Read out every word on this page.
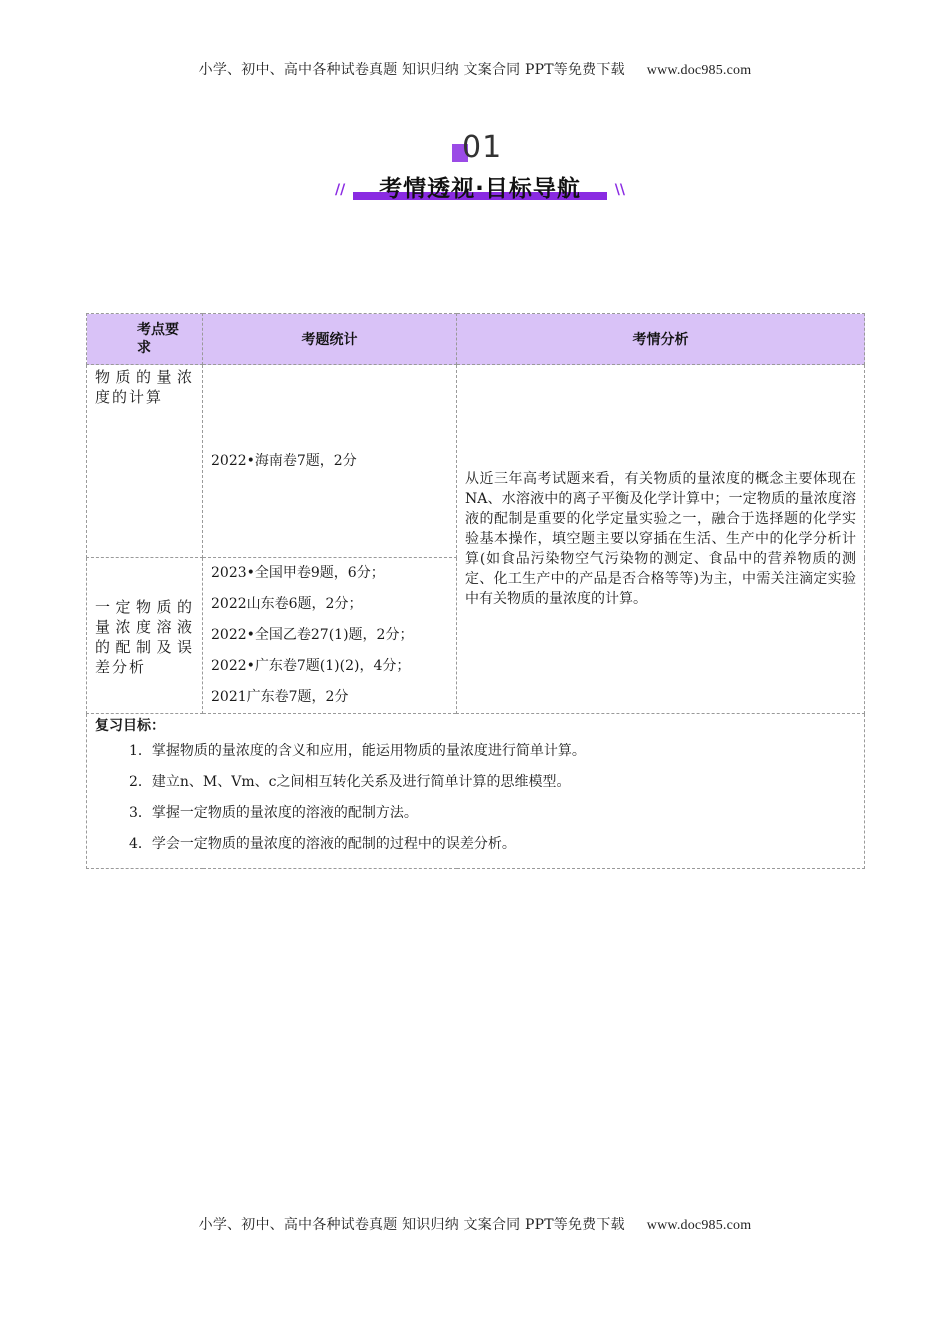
小学、初中、高中各种试卷真题 知识归纳 文案合同 PPT等免费下载 www.doc985.com
01
//	考情透视·目标导航	\\
考点要求	考题统计	考情分析
物质的量浓度的计算	2022•海南卷7题，2分	从近三年高考试题来看，有关物质的量浓度的概念主要体现在NA、水溶液中的离子平衡及化学计算中；一定物质的量浓度溶液的配制是重要的化学定量实验之一，融合于选择题的化学实验基本操作，填空题主要以穿插在生活、生产中的化学分析计算(如食品污染物空气污染物的测定、食品中的营养物质的测定、化工生产中的产品是否合格等等)为主，中需关注滴定实验中有关物质的量浓度的计算。
一定物质的量浓度溶液的配制及误差分析	2023•全国甲卷9题，6分；
2022山东卷6题，2分；
2022•全国乙卷27(1)题，2分；
2022•广东卷7题(1)(2)，4分；
2021广东卷7题，2分	

复习目标：
1．掌握物质的量浓度的含义和应用，能运用物质的量浓度进行简单计算。
2．建立n、M、Vm、c之间相互转化关系及进行简单计算的思维模型。
3．掌握一定物质的量浓度的溶液的配制方法。
4．学会一定物质的量浓度的溶液的配制的过程中的误差分析。		
小学、初中、高中各种试卷真题 知识归纳 文案合同 PPT等免费下载 www.doc985.com
